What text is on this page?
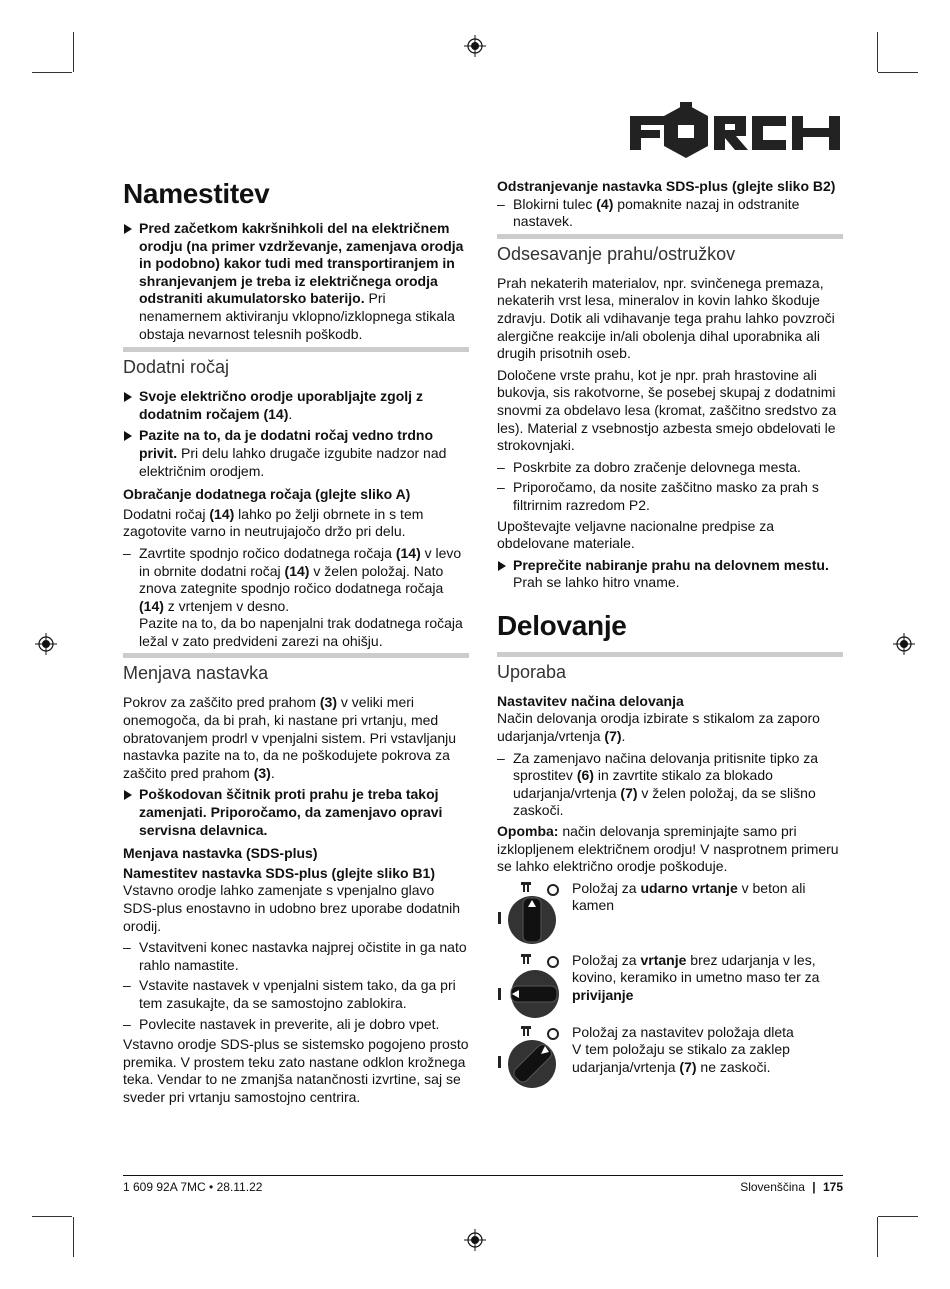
Namestitev
Pred začetkom kakršnihkoli del na električnem orodju (na primer vzdrževanje, zamenjava orodja in podobno) kakor tudi med transportiranjem in shranjevanjem je treba iz električnega orodja odstraniti akumulatorsko baterijo. Pri nenamernem aktiviranju vklopno/izklopnega stikala obstaja nevarnost telesnih poškodb.
Dodatni ročaj
Svoje električno orodje uporabljajte zgolj z dodatnim ročajem (14).
Pazite na to, da je dodatni ročaj vedno trdno privit. Pri delu lahko drugače izgubite nadzor nad električnim orodjem.
Obračanje dodatnega ročaja (glejte sliko A)

Dodatni ročaj (14) lahko po želji obrnete in s tem zagotovite varno in neutrujajočo držo pri delu.

– Zavrtite spodnjo ročico dodatnega ročaja (14) v levo in obrnite dodatni ročaj (14) v želen položaj. Nato znova zategnite spodnjo ročico dodatnega ročaja (14) z vrtenjem v desno.
Pazite na to, da bo napenjalni trak dodatnega ročaja ležal v zato predvideni zarezi na ohišju.
Menjava nastavka

Pokrov za zaščito pred prahom (3) v veliki meri onemogoča, da bi prah, ki nastane pri vrtanju, med obratovanjem prodrl v vpenjalni sistem. Pri vstavljanju nastavka pazite na to, da ne poškodujete pokrova za zaščito pred prahom (3).

Poškodovan ščitnik proti prahu je treba takoj zamenjati. Priporočamo, da zamenjavo opravi servisna delavnica.
Menjava nastavka (SDS-plus)
Namestitev nastavka SDS-plus (glejte sliko B1)

Vstavno orodje lahko zamenjate s vpenjalno glavo SDS-plus enostavno in udobno brez uporabe dodatnih orodij.

– Vstavitveni konec nastavka najprej očistite in ga nato rahlo namastite.
– Vstavite nastavek v vpenjalni sistem tako, da ga pri tem zasukajte, da se samostojno zablokira.
– Povlecite nastavek in preverite, ali je dobro vpet.

Vstavno orodje SDS-plus se sistemsko pogojeno prosto premika. V prostem teku zato nastane odklon krožnega teka. Vendar to ne zmanjša natančnosti izvrtine, saj se sveder pri vrtanju samostojno centrira.

Odstranjevanje nastavka SDS-plus (glejte sliko B2)
– Blokirni tulec (4) pomaknite nazaj in odstranite nastavek.
Odsesavanje prahu/ostružkov

Prah nekaterih materialov, npr. svinčenega premaza, nekaterih vrst lesa, mineralov in kovin lahko škoduje zdravju. Dotik ali vdihavanje tega prahu lahko povzroči alergične reakcije in/ali obolenja dihal uporabnika ali drugih prisotnih oseb.

Določene vrste prahu, kot je npr. prah hrastovine ali bukovja, sis rakotvorne, še posebej skupaj z dodatnimi snovmi za obdelavo lesa (kromat, zaščitno sredstvo za les). Material z vsebnostjo azbesta smejo obdelovati le strokovnjaki.

– Poskrbite za dobro zračenje delovnega mesta.
– Priporočamo, da nosite zaščitno masko za prah s filtrirnim razredom P2.

Upoštevajte veljavne nacionalne predpise za obdelovane materiale.

Preprečite nabiranje prahu na delovnem mestu. Prah se lahko hitro vname.
Delovanje
Uporaba
Nastavitev načina delovanja

Način delovanja orodja izbirate s stikalom za zaporo udarjanja/vrtenja (7).

– Za zamenjavo načina delovanja pritisnite tipko za sprostitev (6) in zavrtite stikalo za blokado udarjanja/vrtenja (7) v želen položaj, da se slišno zaskoči.

Opomba: način delovanja spreminjajte samo pri izklopljenem električnem orodju! V nasprotnem primeru se lahko električno orodje poškoduje.

Položaj za udarno vrtanje v beton ali kamen
Položaj za vrtanje brez udarjanja v les, kovino, keramiko in umetno maso ter za privijanje
Položaj za nastavitev položaja dleta
V tem položaju se stikalo za zaklep udarjanja/vrtenja (7) ne zaskoči.
1 609 92A 7MC • 28.11.22	Slovenščina | 175
